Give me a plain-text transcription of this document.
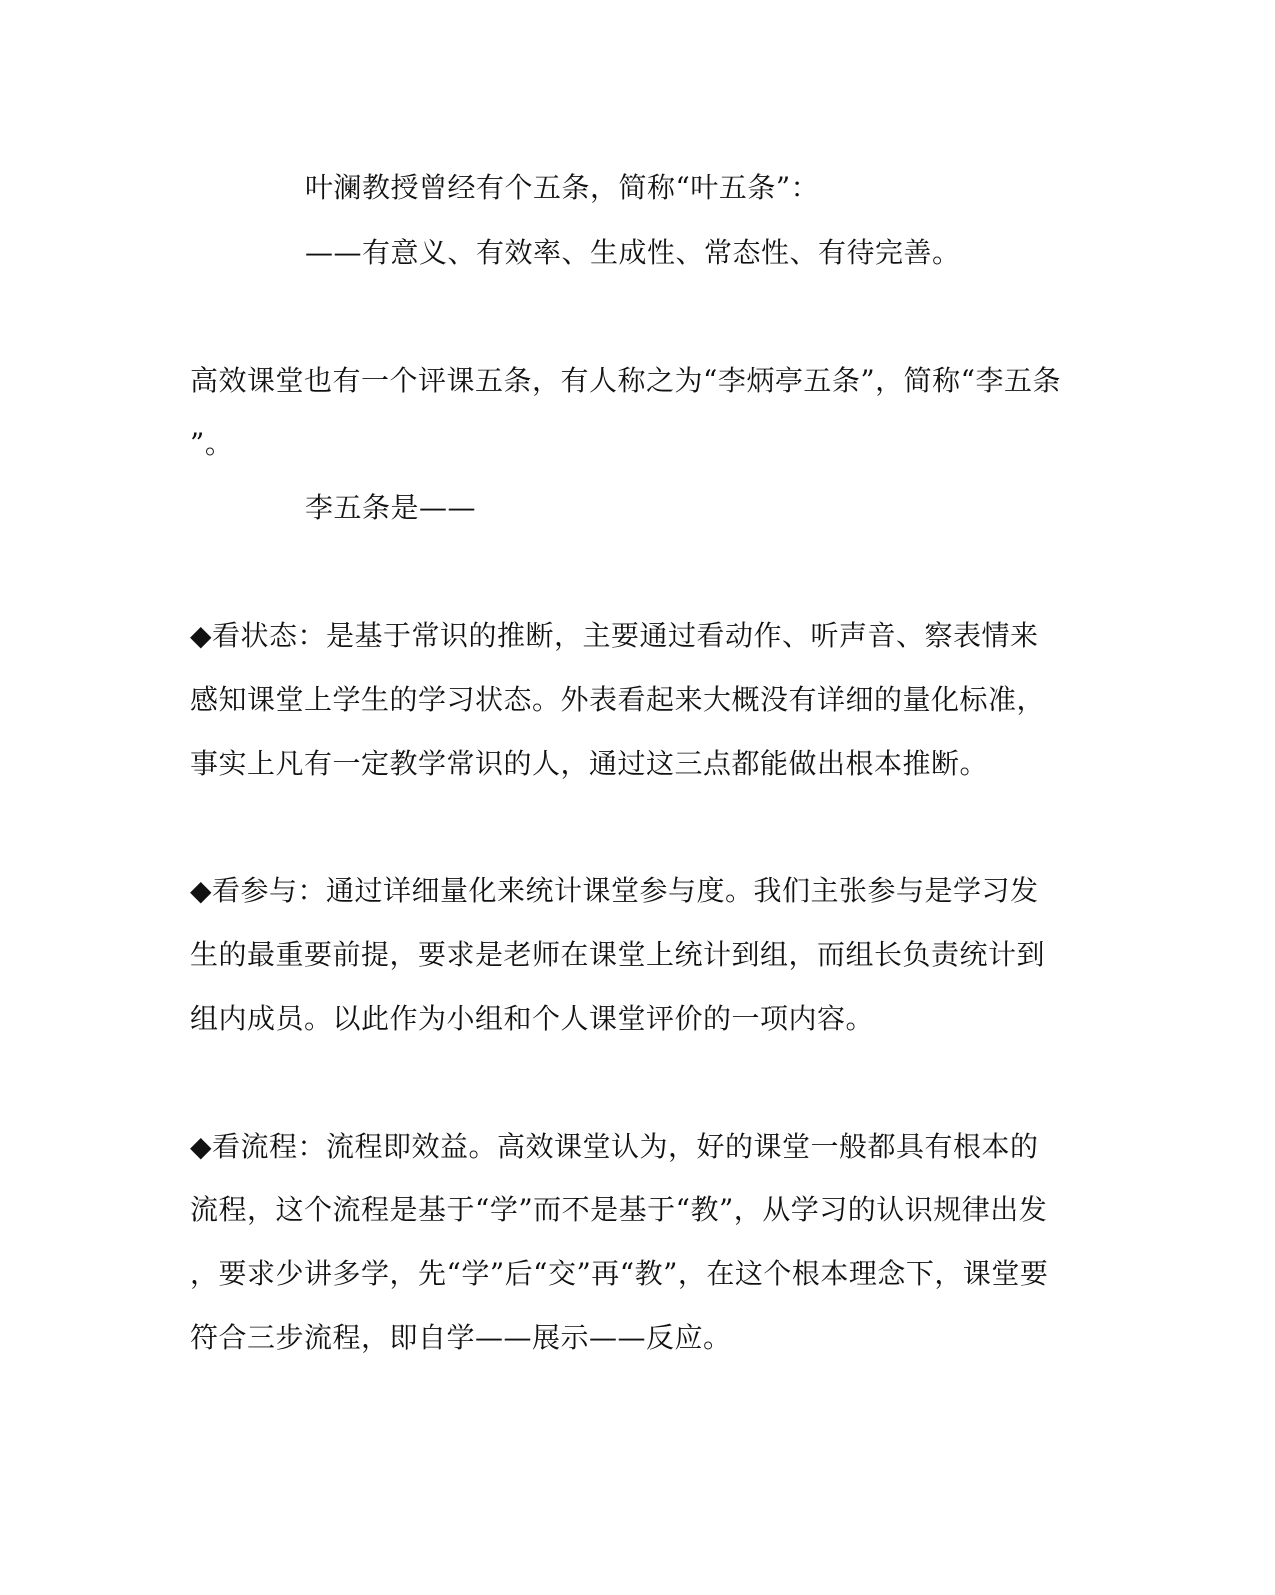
叶澜教授曾经有个五条，简称“叶五条”：
——有意义、有效率、生成性、常态性、有待完善。
高效课堂也有一个评课五条，有人称之为“李炳亭五条”，简称“李五条
”。
李五条是——
◆看状态：是基于常识的推断，主要通过看动作、听声音、察表情来
感知课堂上学生的学习状态。外表看起来大概没有详细的量化标准，
事实上凡有一定教学常识的人，通过这三点都能做出根本推断。
◆看参与：通过详细量化来统计课堂参与度。我们主张参与是学习发
生的最重要前提，要求是老师在课堂上统计到组，而组长负责统计到
组内成员。以此作为小组和个人课堂评价的一项内容。
◆看流程：流程即效益。高效课堂认为，好的课堂一般都具有根本的
流程，这个流程是基于“学”而不是基于“教”，从学习的认识规律出发
，要求少讲多学，先“学”后“交”再“教”，在这个根本理念下，课堂要
符合三步流程，即自学——展示——反应。
